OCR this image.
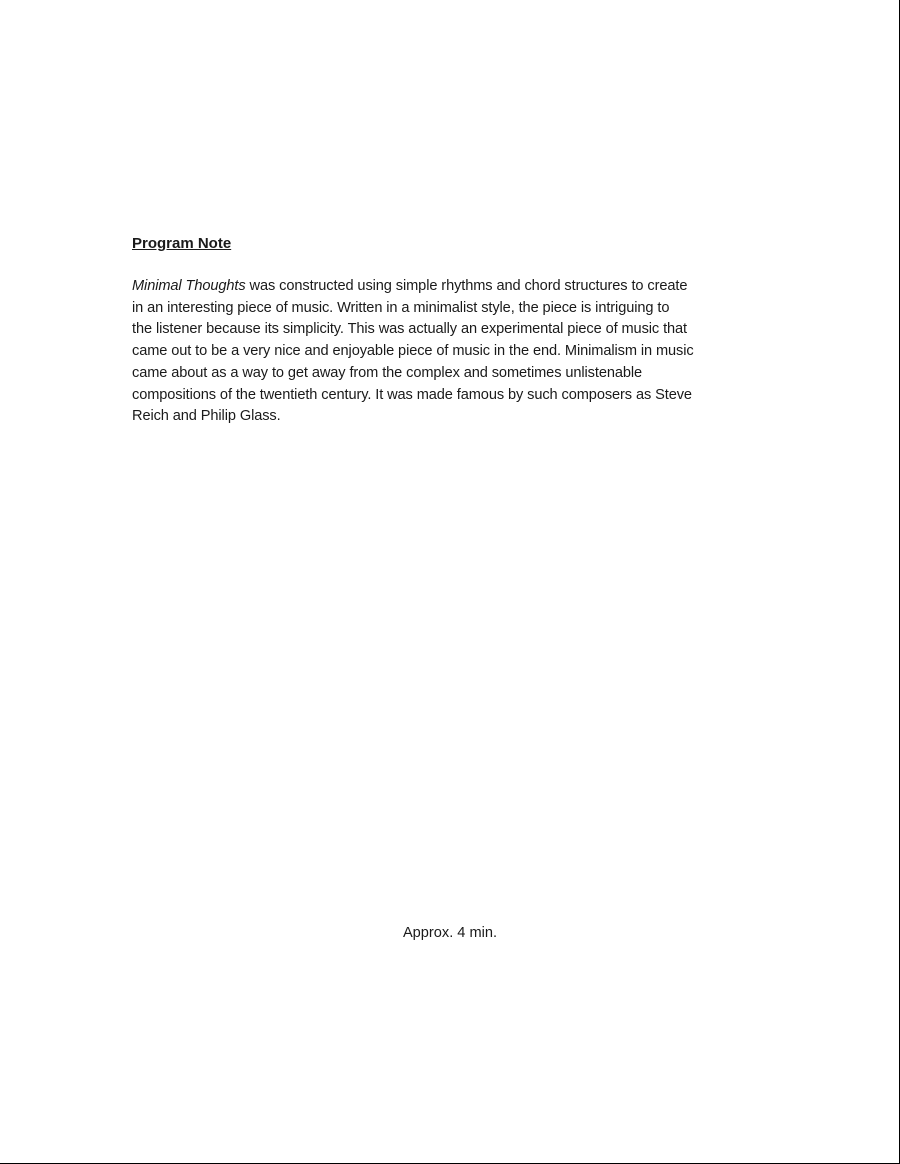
Program Note

Minimal Thoughts was constructed using simple rhythms and chord structures to create
in an interesting piece of music. Written in a minimalist style, the piece is intriguing to
the listener because its simplicity. This was actually an experimental piece of music that
came out to be a very nice and enjoyable piece of music in the end. Minimalism in music
came about as a way to get away from the complex and sometimes unlistenable
compositions of the twentieth century. It was made famous by such composers as Steve
Reich and Philip Glass.

Approx. 4 min.
